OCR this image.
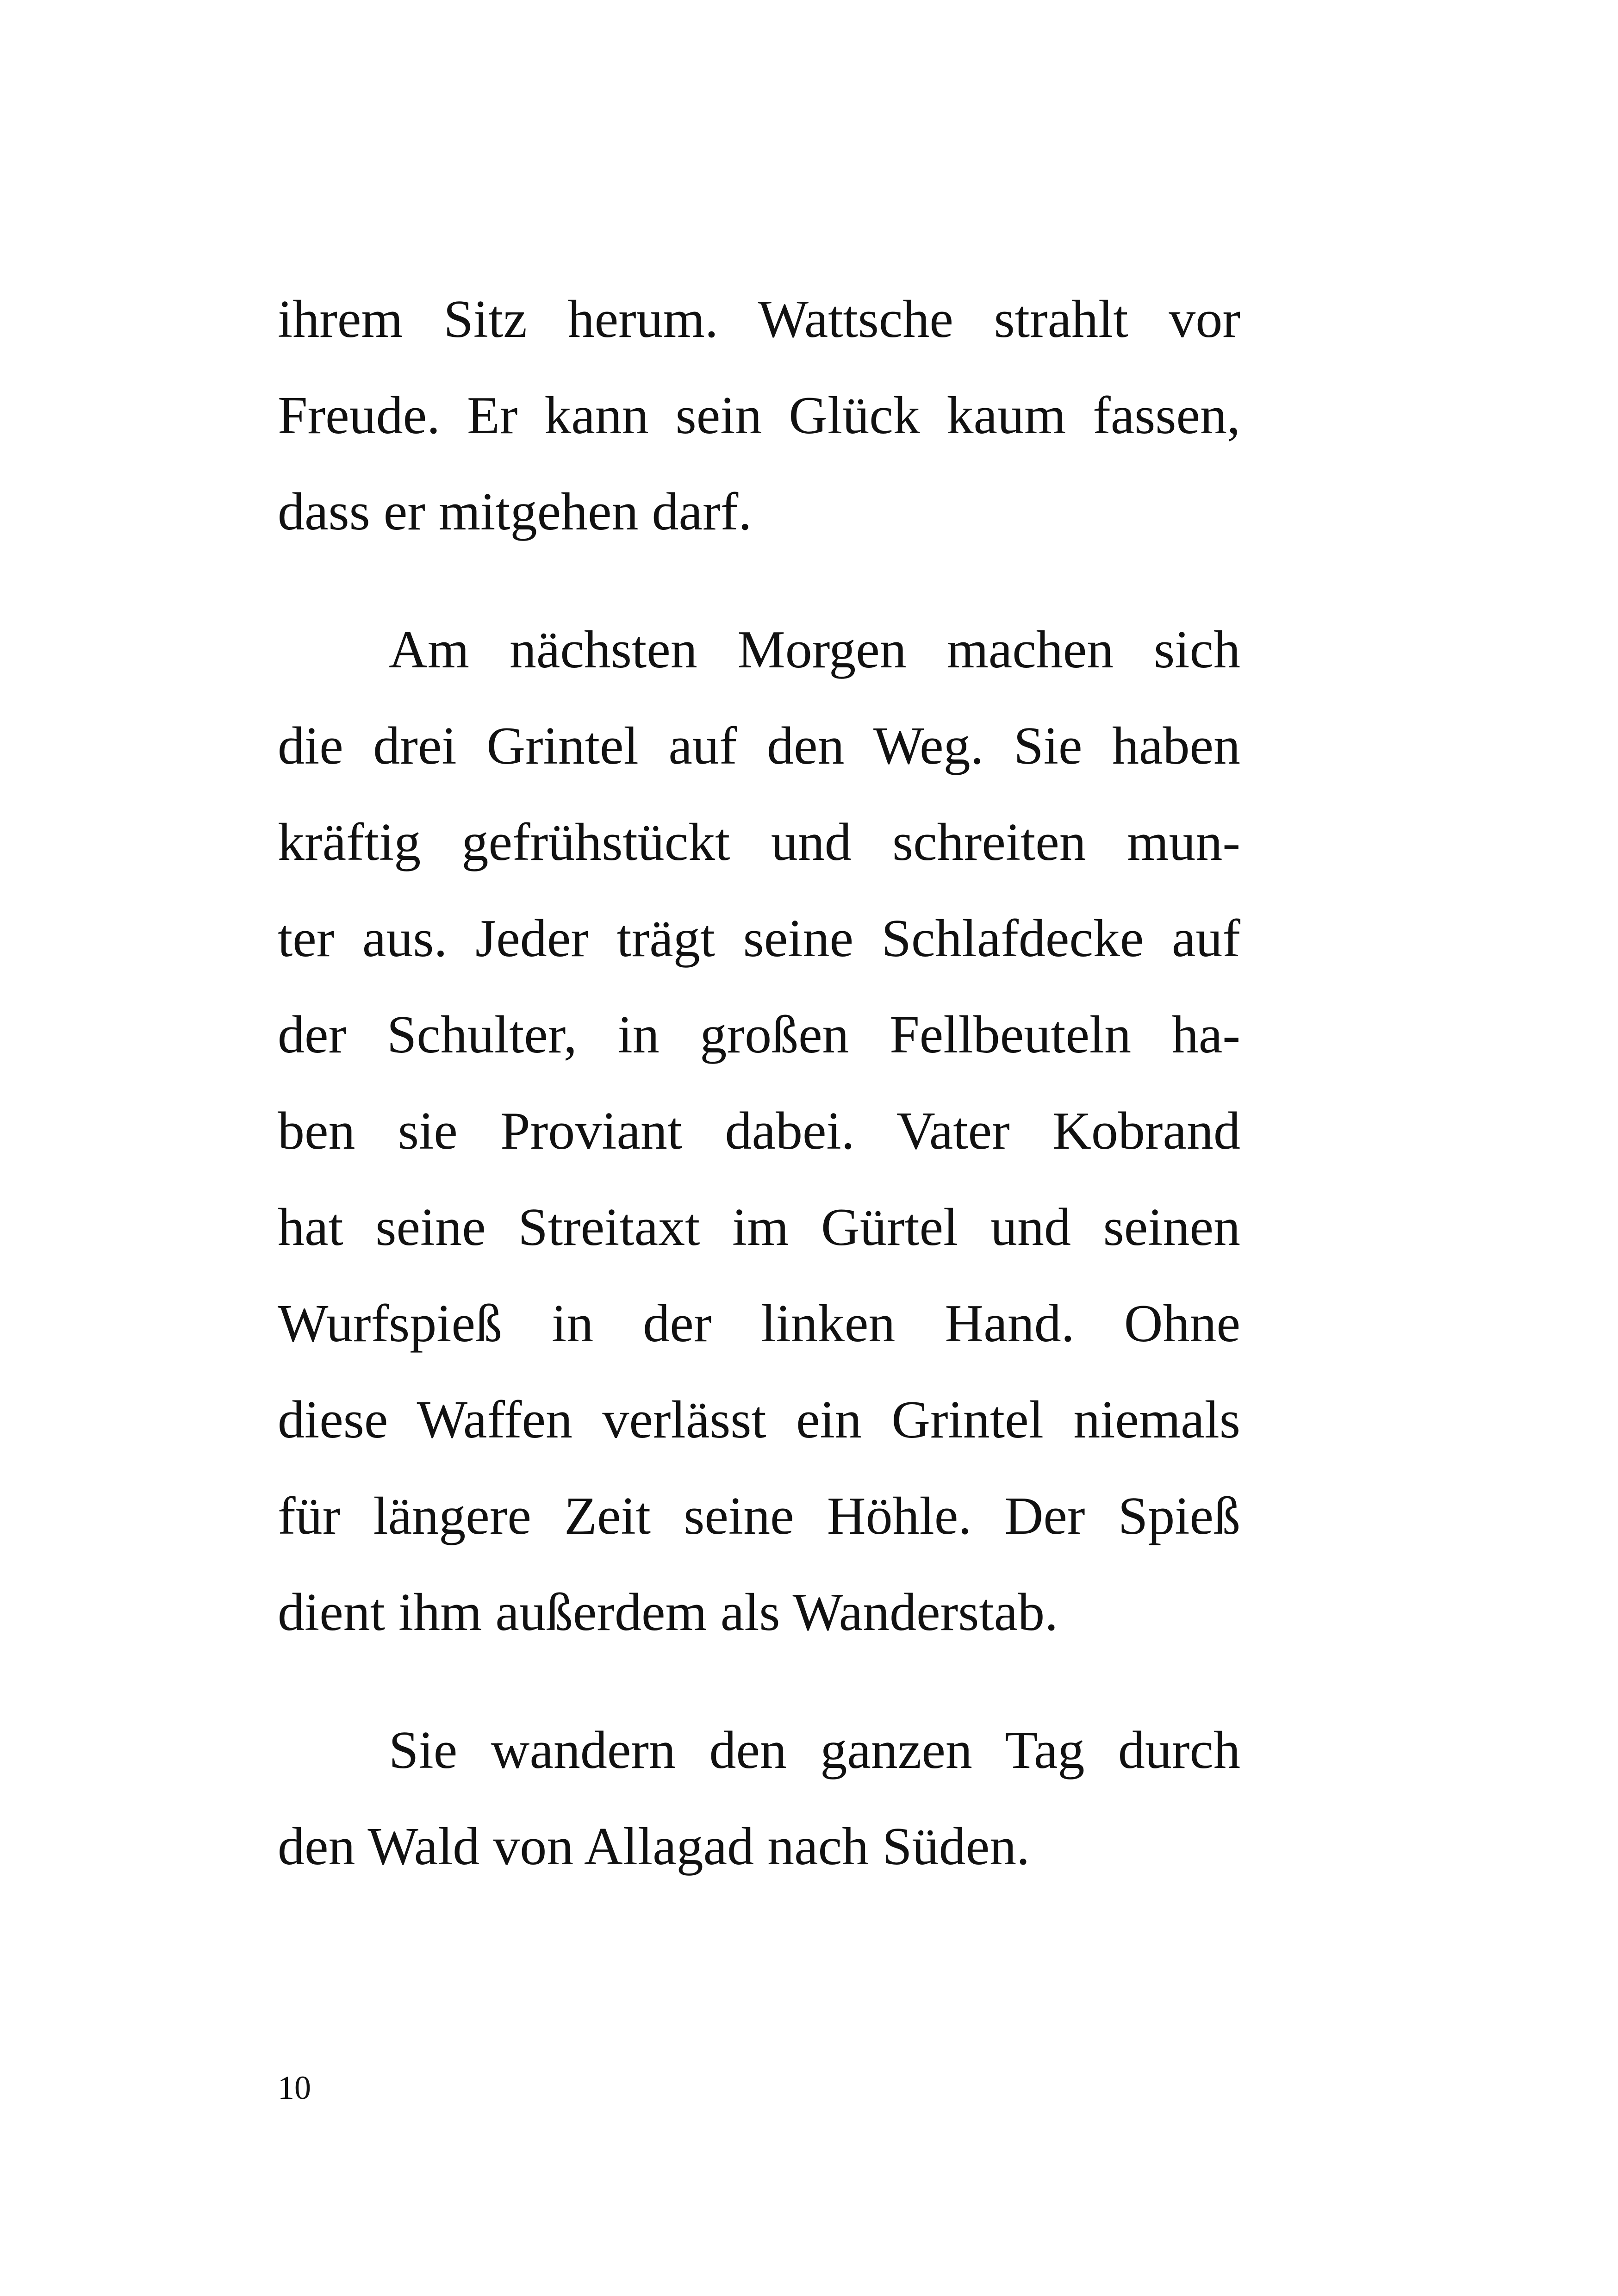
ihrem Sitz herum. Wattsche strahlt vor
Freude. Er kann sein Glück kaum fassen,
dass er mitgehen darf.
Am nächsten Morgen machen sich
die drei Grintel auf den Weg. Sie haben
kräftig gefrühstückt und schreiten mun-
ter aus. Jeder trägt seine Schlafdecke auf
der Schulter, in großen Fellbeuteln ha-
ben sie Proviant dabei. Vater Kobrand
hat seine Streitaxt im Gürtel und seinen
Wurfspieß in der linken Hand. Ohne
diese Waffen verlässt ein Grintel niemals
für längere Zeit seine Höhle. Der Spieß
dient ihm außerdem als Wanderstab.
Sie wandern den ganzen Tag durch
den Wald von Allagad nach Süden.
10
